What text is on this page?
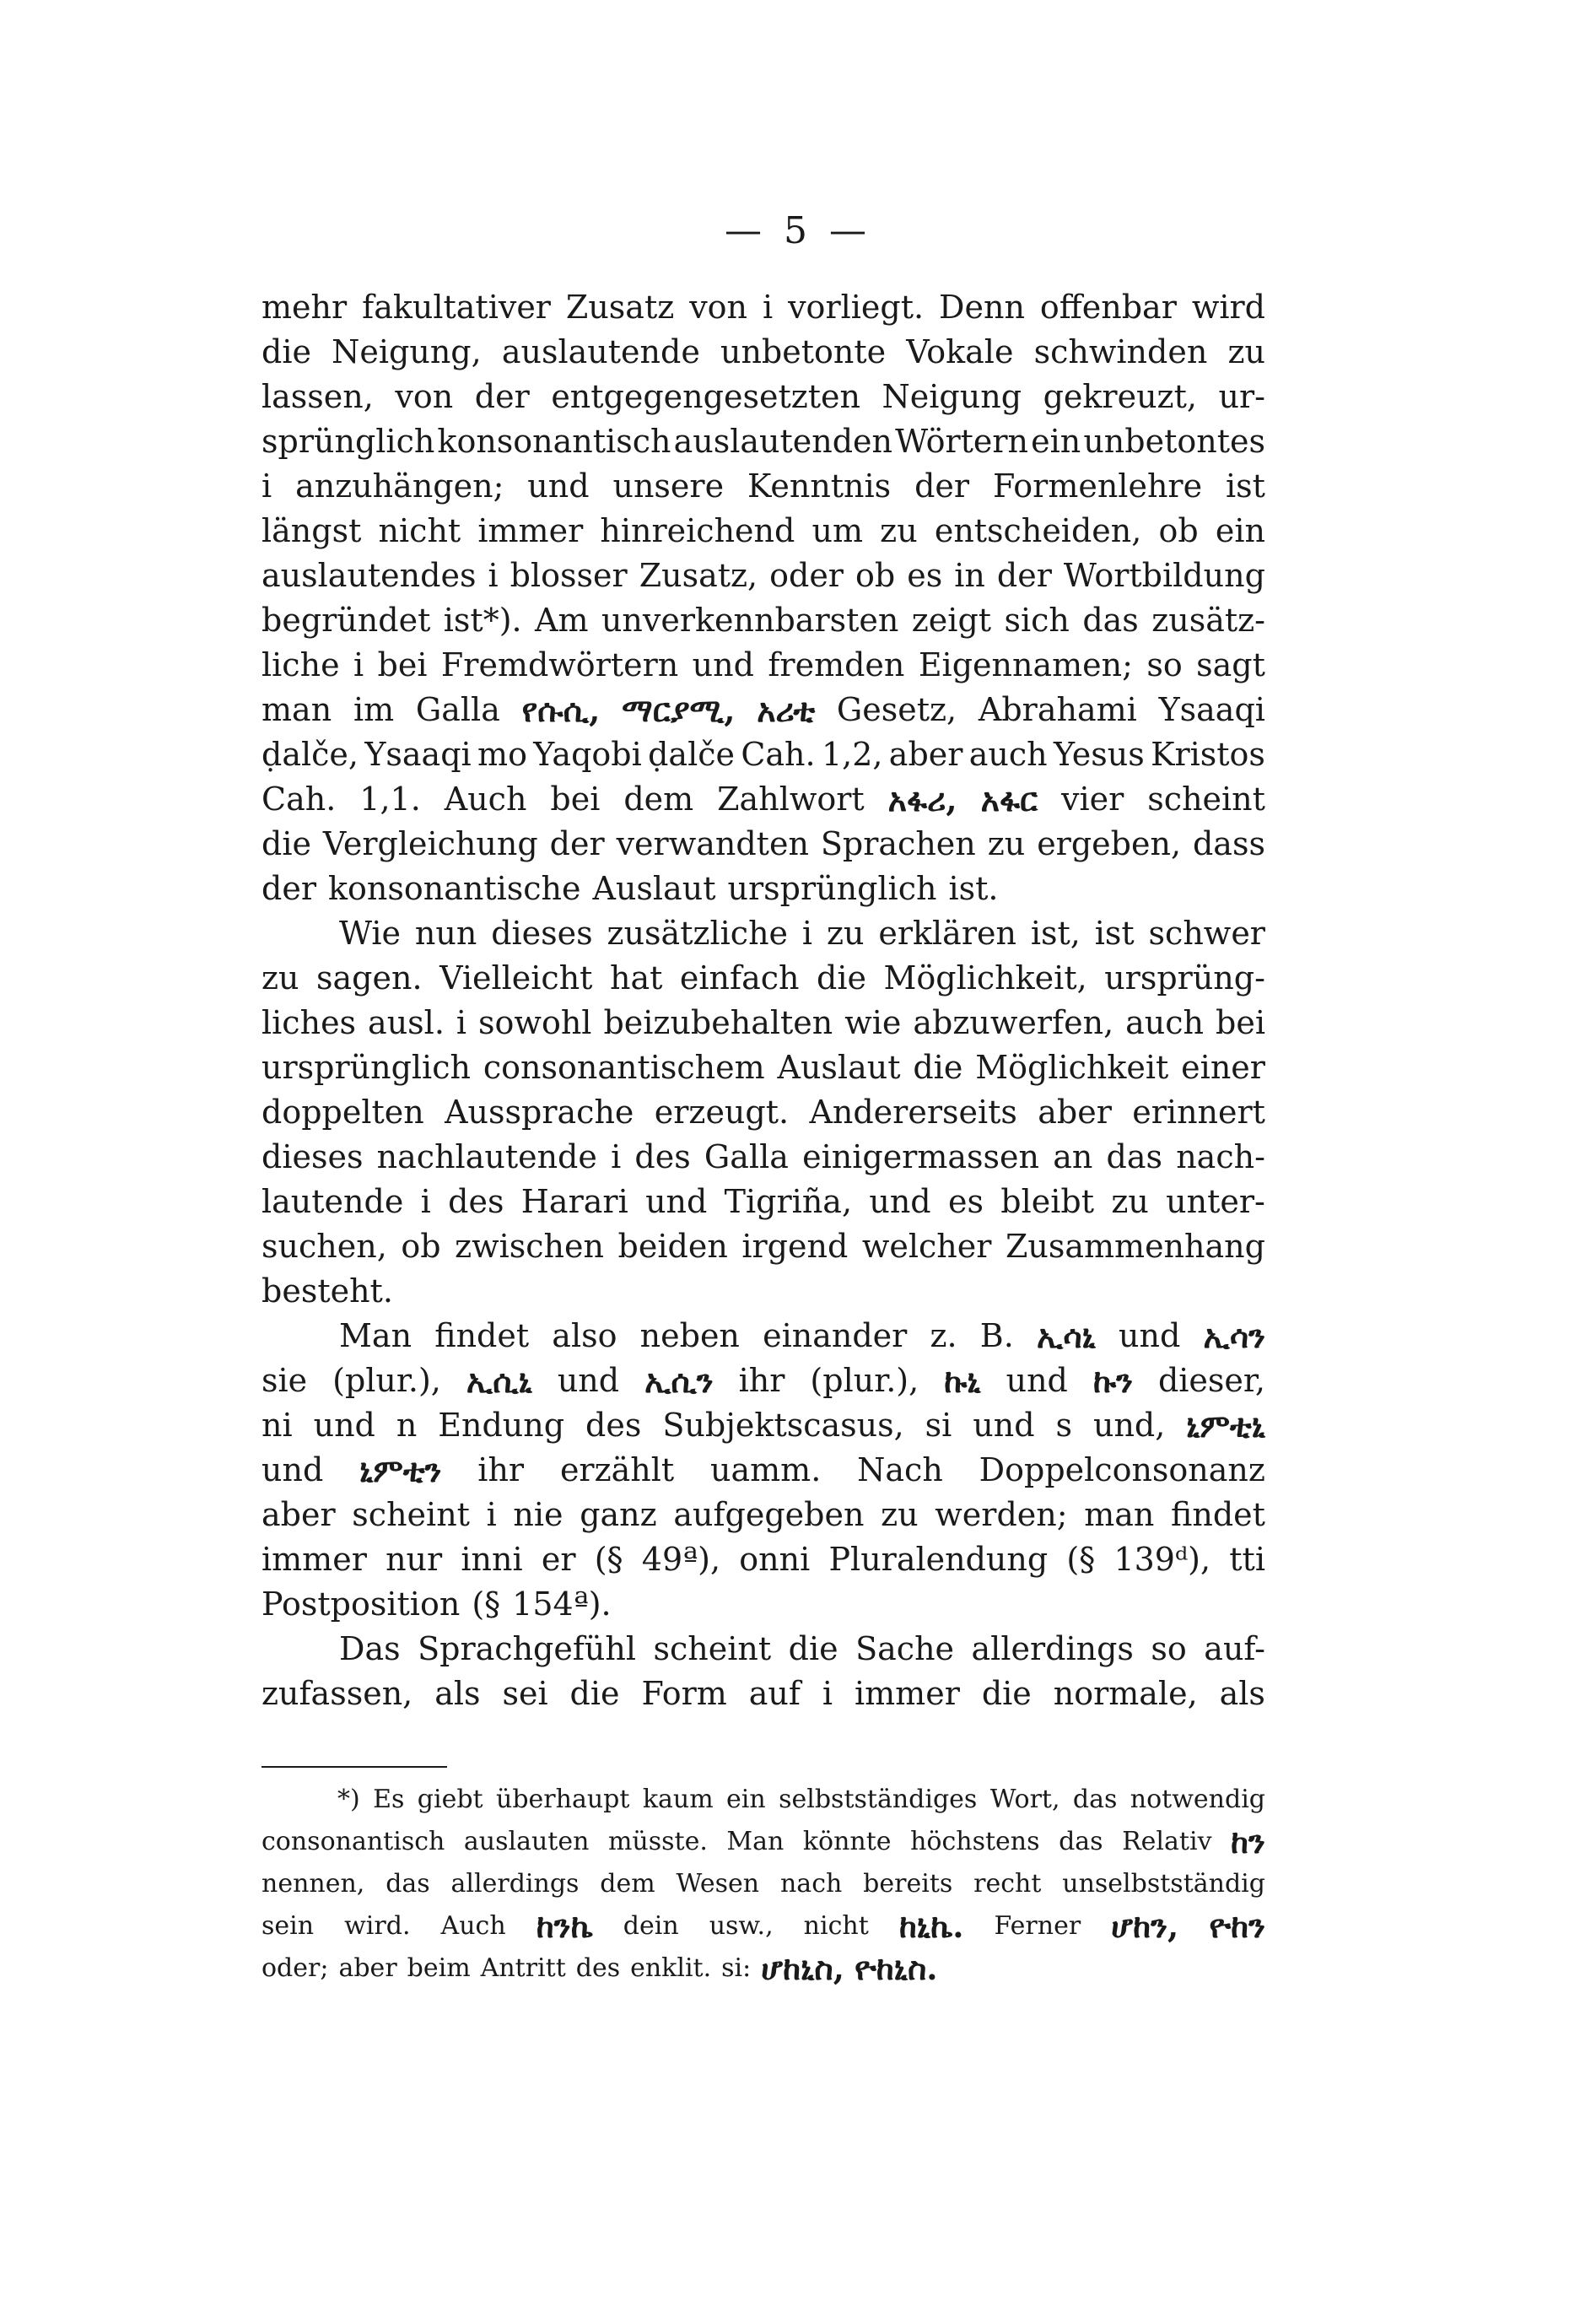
— 5 —
mehr fakultativer Zusatz von i vorliegt. Denn offenbar wird
die Neigung, auslautende unbetonte Vokale schwinden zu
lassen, von der entgegengesetzten Neigung gekreuzt, ur-
sprünglich konsonantisch auslautenden Wörtern ein unbetontes
i anzuhängen; und unsere Kenntnis der Formenlehre ist
längst nicht immer hinreichend um zu entscheiden, ob ein
auslautendes i blosser Zusatz, oder ob es in der Wortbildung
begründet ist*). Am unverkennbarsten zeigt sich das zusätz-
liche i bei Fremdwörtern und fremden Eigennamen; so sagt
man im Galla የሱሲ, ማርያሚ, አሪቲ Gesetz, Abrahami Ysaaqi
ḍalče, Ysaaqi mo Yaqobi ḍalče Cah. 1,2, aber auch Yesus Kristos
Cah. 1,1. Auch bei dem Zahlwort አፋሪ, አፋር vier scheint
die Vergleichung der verwandten Sprachen zu ergeben, dass
der konsonantische Auslaut ursprünglich ist.
Wie nun dieses zusätzliche i zu erklären ist, ist schwer
zu sagen. Vielleicht hat einfach die Möglichkeit, ursprüng-
liches ausl. i sowohl beizubehalten wie abzuwerfen, auch bei
ursprünglich consonantischem Auslaut die Möglichkeit einer
doppelten Aussprache erzeugt. Andererseits aber erinnert
dieses nachlautende i des Galla einigermassen an das nach-
lautende i des Harari und Tigriña, und es bleibt zu unter-
suchen, ob zwischen beiden irgend welcher Zusammenhang
besteht.
Man findet also neben einander z. B. ኢሳኒ und ኢሳን
sie (plur.), ኢሲኒ und ኢሲን ihr (plur.), ኩኒ und ኩን dieser,
ni und n Endung des Subjektscasus, si und s und, ኒምቲኒ
und ኒምቲን ihr erzählt uamm. Nach Doppelconsonanz
aber scheint i nie ganz aufgegeben zu werden; man findet
immer nur inni er (§ 49ª), onni Pluralendung (§ 139ᵈ), tti
Postposition (§ 154ª).
Das Sprachgefühl scheint die Sache allerdings so auf-
zufassen, als sei die Form auf i immer die normale, als
*) Es giebt überhaupt kaum ein selbstständiges Wort, das notwendig
consonantisch auslauten müsste. Man könnte höchstens das Relativ ከን
nennen, das allerdings dem Wesen nach bereits recht unselbstständig
sein wird. Auch ከንኬ dein usw., nicht ከኒኬ. Ferner ሆከን, ዮከን
oder; aber beim Antritt des enklit. si: ሆከኒስ, ዮከኒስ.
